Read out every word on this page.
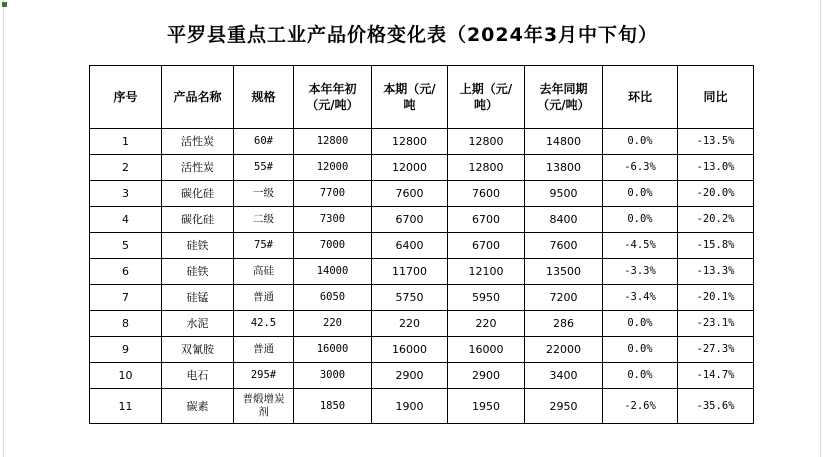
平罗县重点工业产品价格变化表（2024年3月中下旬）
序号	产品名称	规格	本年年初（元/吨）	本期（元/吨	上期（元/吨）	去年同期（元/吨）	环比	同比
1	活性炭	60#	12800	12800	12800	14800	0.0%	-13.5%
2	活性炭	55#	12000	12000	12800	13800	-6.3%	-13.0%
3	碳化硅	一级	7700	7600	7600	9500	0.0%	-20.0%
4	碳化硅	二级	7300	6700	6700	8400	0.0%	-20.2%
5	硅铁	75#	7000	6400	6700	7600	-4.5%	-15.8%
6	硅铁	高硅	14000	11700	12100	13500	-3.3%	-13.3%
7	硅锰	普通	6050	5750	5950	7200	-3.4%	-20.1%
8	水泥	42.5	220	220	220	286	0.0%	-23.1%
9	双氰胺	普通	16000	16000	16000	22000	0.0%	-27.3%
10	电石	295#	3000	2900	2900	3400	0.0%	-14.7%
11	碳素	普煅增炭剂	1850	1900	1950	2950	-2.6%	-35.6%
